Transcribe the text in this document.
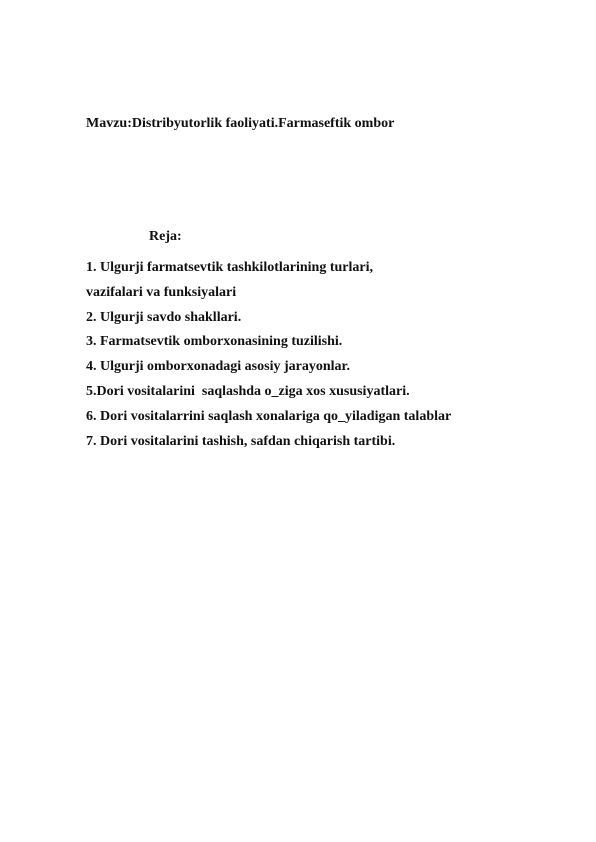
Mavzu:Distribyutorlik faoliyati.Farmaseftik ombor
Reja:
1. Ulgurji farmatsevtik tashkilotlarining turlari,
vazifalari va funksiyalari
2. Ulgurji savdo shakllari.
3. Farmatsevtik omborxonasining tuzilishi.
4. Ulgurji omborxonadagi asosiy jarayonlar.
5.Dori vositalarini  saqlashda o_ziga xos xususiyatlari.
6. Dori vositalarrini saqlash xonalariga qo_yiladigan talablar
7. Dori vositalarini tashish, safdan chiqarish tartibi.
